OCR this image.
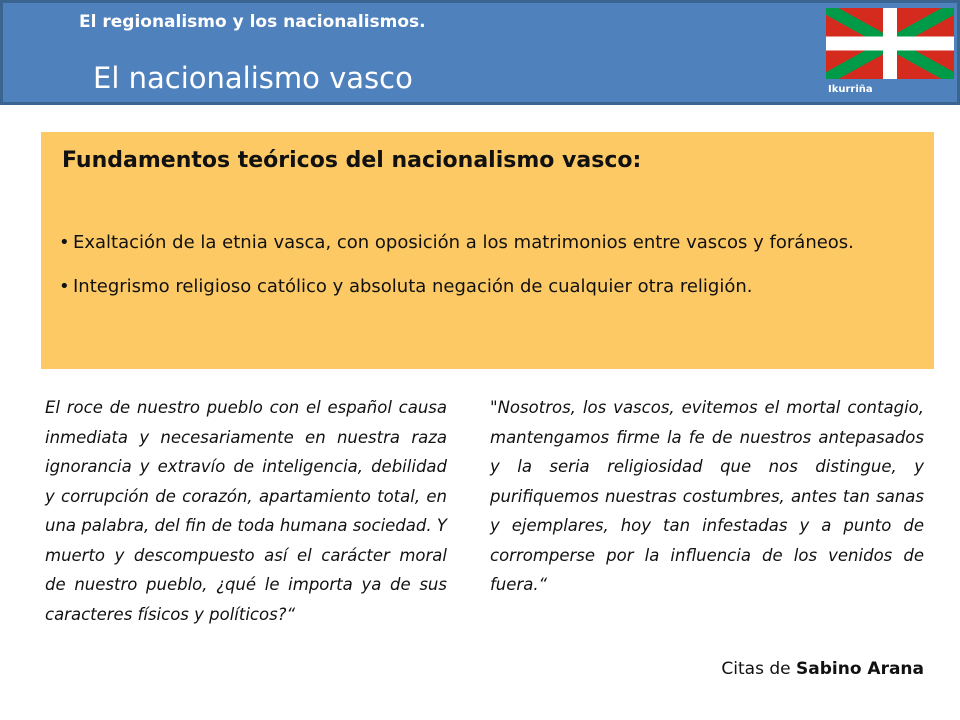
El regionalismo y los nacionalismos.
El nacionalismo vasco	Ikurriña
Fundamentos teóricos del nacionalismo vasco:
• Exaltación de la etnia vasca, con oposición a los matrimonios entre vascos y foráneos.
• Integrismo religioso católico y absoluta negación de cualquier otra religión.
El roce de nuestro pueblo con el español causa inmediata y necesariamente en nuestra raza ignorancia y extravío de inteligencia, debilidad y corrupción de corazón, apartamiento total, en una palabra, del fin de toda humana sociedad. Y muerto y descompuesto así el carácter moral de nuestro pueblo, ¿qué le importa ya de sus caracteres físicos y políticos?“
"Nosotros, los vascos, evitemos el mortal contagio, mantengamos firme la fe de nuestros antepasados y la seria religiosidad que nos distingue, y purifiquemos nuestras costumbres, antes tan sanas y ejemplares, hoy tan infestadas y a punto de corromperse por la influencia de los venidos de fuera.“
Citas de Sabino Arana
